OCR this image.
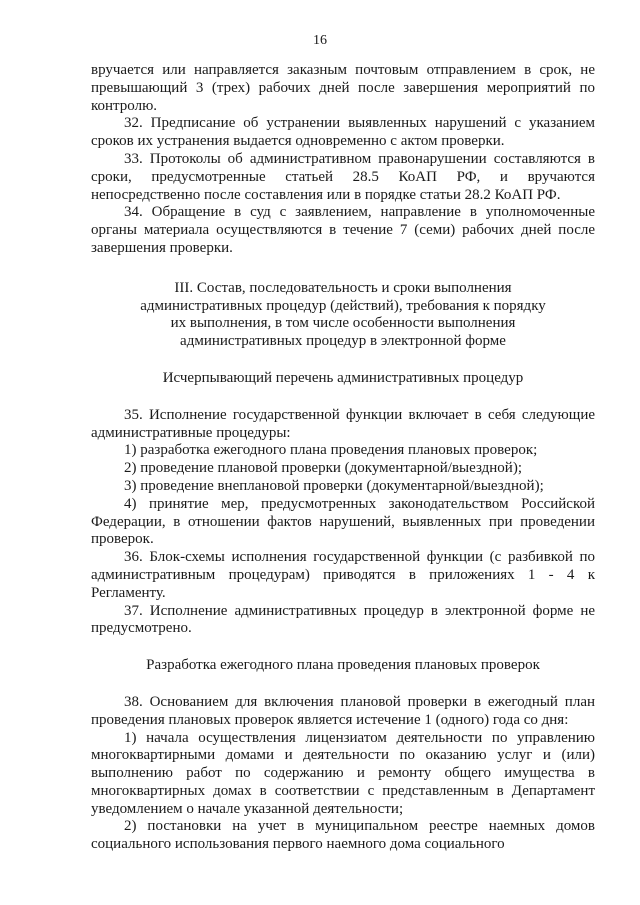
16

вручается или направляется заказным почтовым отправлением в срок, не превышающий 3 (трех) рабочих дней после завершения мероприятий по контролю.

32. Предписание об устранении выявленных нарушений с указанием сроков их устранения выдается одновременно с актом проверки.

33. Протоколы об административном правонарушении составляются в сроки, предусмотренные статьей 28.5 КоАП РФ, и вручаются непосредственно после составления или в порядке статьи 28.2 КоАП РФ.

34. Обращение в суд с заявлением, направление в уполномоченные органы материала осуществляются в течение 7 (семи) рабочих дней после завершения проверки.

III. Состав, последовательность и сроки выполнения
административных процедур (действий), требования к порядку
их выполнения, в том числе особенности выполнения
административных процедур в электронной форме

Исчерпывающий перечень административных процедур

35. Исполнение государственной функции включает в себя следующие административные процедуры:

1) разработка ежегодного плана проведения плановых проверок;

2) проведение плановой проверки (документарной/выездной);

3) проведение внеплановой проверки (документарной/выездной);

4) принятие мер, предусмотренных законодательством Российской Федерации, в отношении фактов нарушений, выявленных при проведении проверок.

36. Блок-схемы исполнения государственной функции (с разбивкой по административным процедурам) приводятся в приложениях 1 - 4 к Регламенту.

37. Исполнение административных процедур в электронной форме не предусмотрено.

Разработка ежегодного плана проведения плановых проверок

38. Основанием для включения плановой проверки в ежегодный план проведения плановых проверок является истечение 1 (одного) года со дня:

1) начала осуществления лицензиатом деятельности по управлению многоквартирными домами и деятельности по оказанию услуг и (или) выполнению работ по содержанию и ремонту общего имущества в многоквартирных домах в соответствии с представленным в Департамент уведомлением о начале указанной деятельности;

2) постановки на учет в муниципальном реестре наемных домов социального использования первого наемного дома социального
